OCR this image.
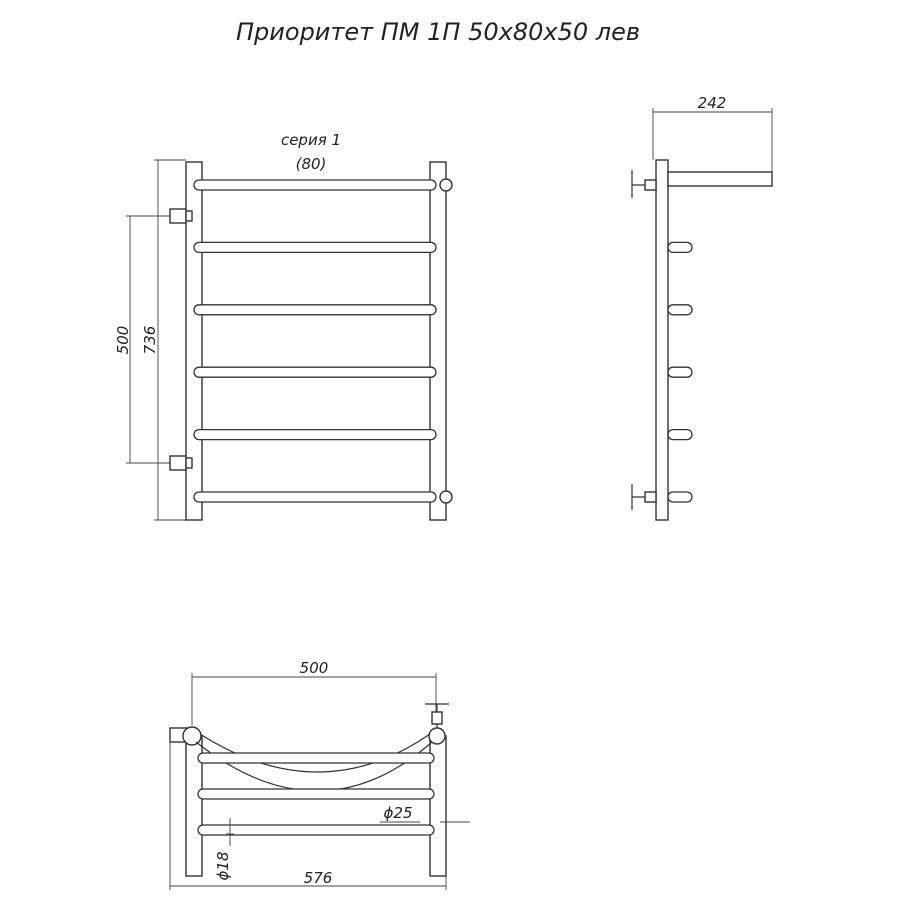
Приоритет ПМ 1П 50х80х50 лев
серия 1
(80)
500 736
242
500
576
ϕ25
ϕ18
